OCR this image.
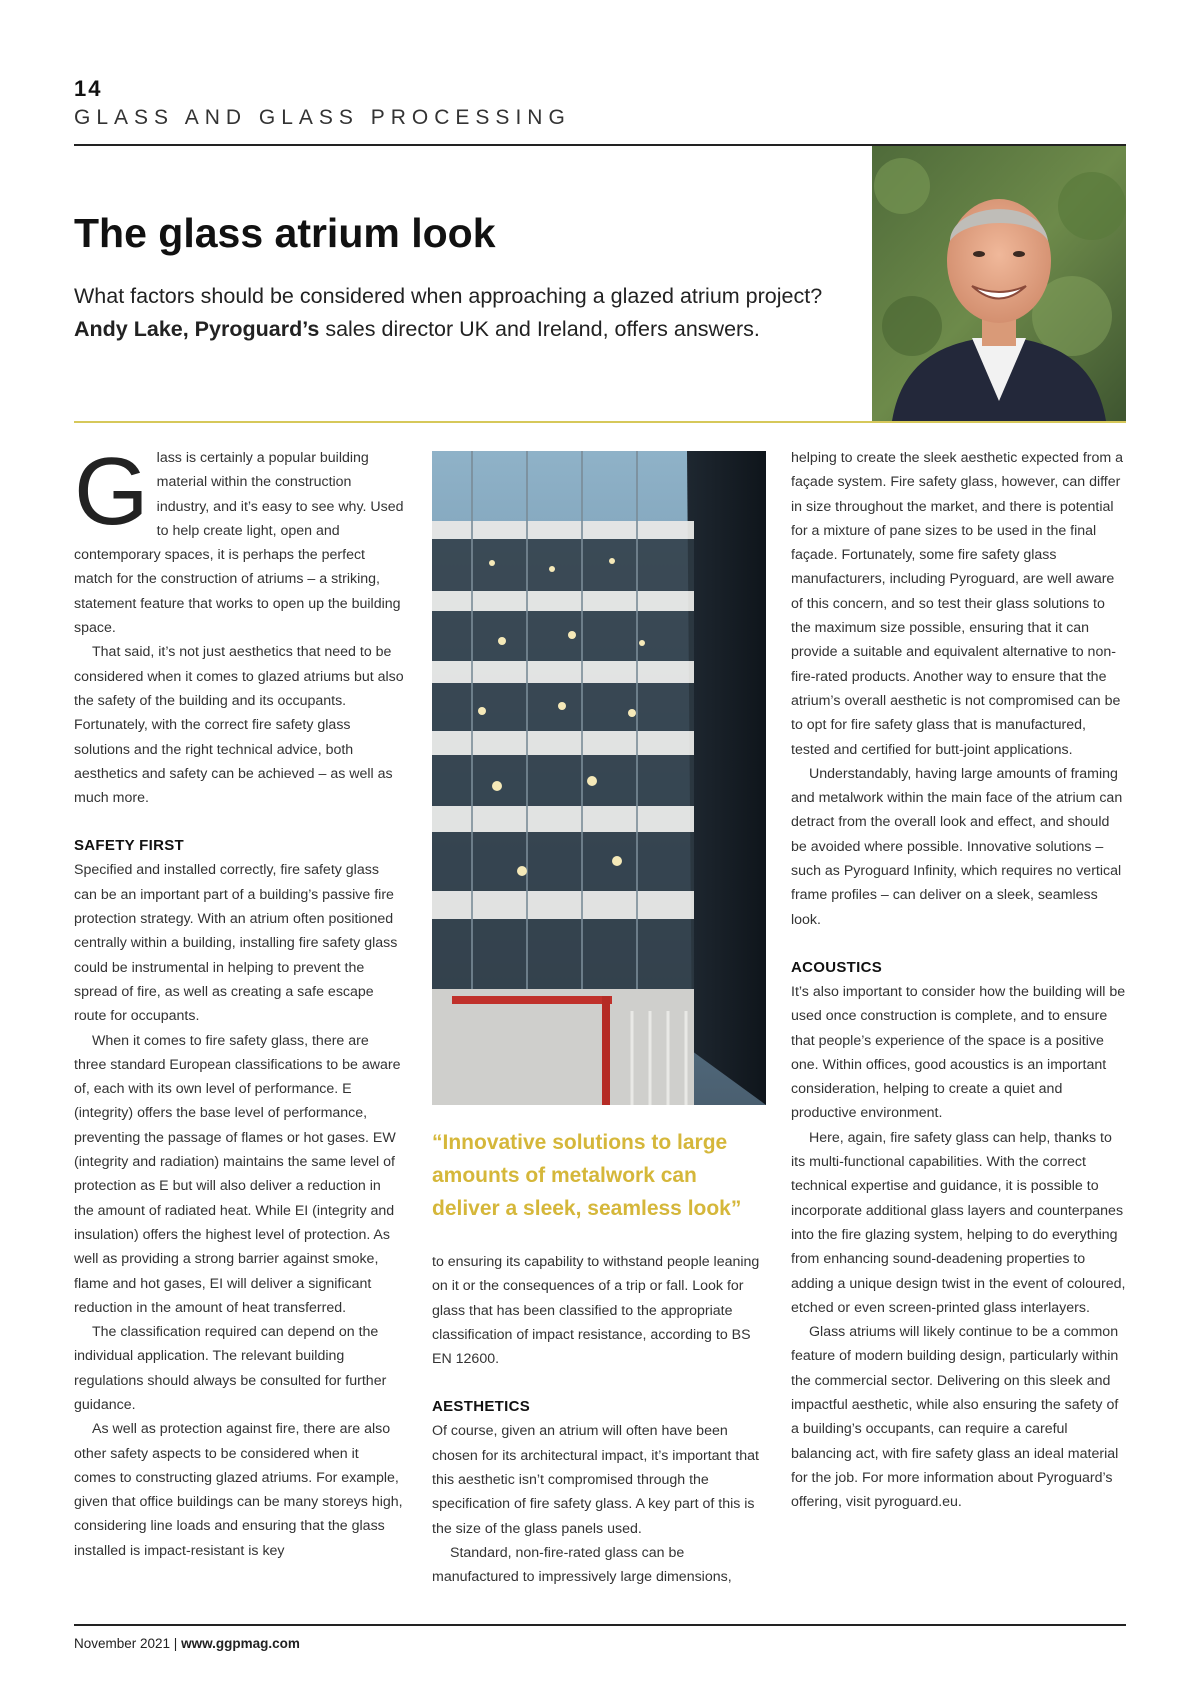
14
GLASS AND GLASS PROCESSING
The glass atrium look
What factors should be considered when approaching a glazed atrium project?
Andy Lake, Pyroguard’s sales director UK and Ireland, offers answers.

Glass is certainly a popular building material within the construction industry, and it’s easy to see why. Used to help create light, open and contemporary spaces, it is perhaps the perfect match for the construction of atriums – a striking, statement feature that works to open up the building space.

That said, it’s not just aesthetics that need to be considered when it comes to glazed atriums but also the safety of the building and its occupants. Fortunately, with the correct fire safety glass solutions and the right technical advice, both aesthetics and safety can be achieved – as well as much more.

SAFETY FIRST

Specified and installed correctly, fire safety glass can be an important part of a building’s passive fire protection strategy. With an atrium often positioned centrally within a building, installing fire safety glass could be instrumental in helping to prevent the spread of fire, as well as creating a safe escape route for occupants.

When it comes to fire safety glass, there are three standard European classifications to be aware of, each with its own level of performance. E (integrity) offers the base level of performance, preventing the passage of flames or hot gases. EW (integrity and radiation) maintains the same level of protection as E but will also deliver a reduction in the amount of radiated heat. While EI (integrity and insulation) offers the highest level of protection. As well as providing a strong barrier against smoke, flame and hot gases, EI will deliver a significant reduction in the amount of heat transferred.

The classification required can depend on the individual application. The relevant building regulations should always be consulted for further guidance.

As well as protection against fire, there are also other safety aspects to be considered when it comes to constructing glazed atriums. For example, given that office buildings can be many storeys high, considering line loads and ensuring that the glass installed is impact-resistant is key

“Innovative solutions to large amounts of metalwork can deliver a sleek, seamless look”

to ensuring its capability to withstand people leaning on it or the consequences of a trip or fall. Look for glass that has been classified to the appropriate classification of impact resistance, according to BS EN 12600.

AESTHETICS

Of course, given an atrium will often have been chosen for its architectural impact, it’s important that this aesthetic isn’t compromised through the specification of fire safety glass. A key part of this is the size of the glass panels used.

Standard, non-fire-rated glass can be manufactured to impressively large dimensions,

helping to create the sleek aesthetic expected from a façade system. Fire safety glass, however, can differ in size throughout the market, and there is potential for a mixture of pane sizes to be used in the final façade. Fortunately, some fire safety glass manufacturers, including Pyroguard, are well aware of this concern, and so test their glass solutions to the maximum size possible, ensuring that it can provide a suitable and equivalent alternative to non-fire-rated products. Another way to ensure that the atrium’s overall aesthetic is not compromised can be to opt for fire safety glass that is manufactured, tested and certified for butt-joint applications.

Understandably, having large amounts of framing and metalwork within the main face of the atrium can detract from the overall look and effect, and should be avoided where possible. Innovative solutions – such as Pyroguard Infinity, which requires no vertical frame profiles – can deliver on a sleek, seamless look.

ACOUSTICS

It’s also important to consider how the building will be used once construction is complete, and to ensure that people’s experience of the space is a positive one. Within offices, good acoustics is an important consideration, helping to create a quiet and productive environment.

Here, again, fire safety glass can help, thanks to its multi-functional capabilities. With the correct technical expertise and guidance, it is possible to incorporate additional glass layers and counterpanes into the fire glazing system, helping to do everything from enhancing sound-deadening properties to adding a unique design twist in the event of coloured, etched or even screen-printed glass interlayers.

Glass atriums will likely continue to be a common feature of modern building design, particularly within the commercial sector. Delivering on this sleek and impactful aesthetic, while also ensuring the safety of a building’s occupants, can require a careful balancing act, with fire safety glass an ideal material for the job. For more information about Pyroguard’s offering, visit pyroguard.eu.

November 2021 | www.ggpmag.com
